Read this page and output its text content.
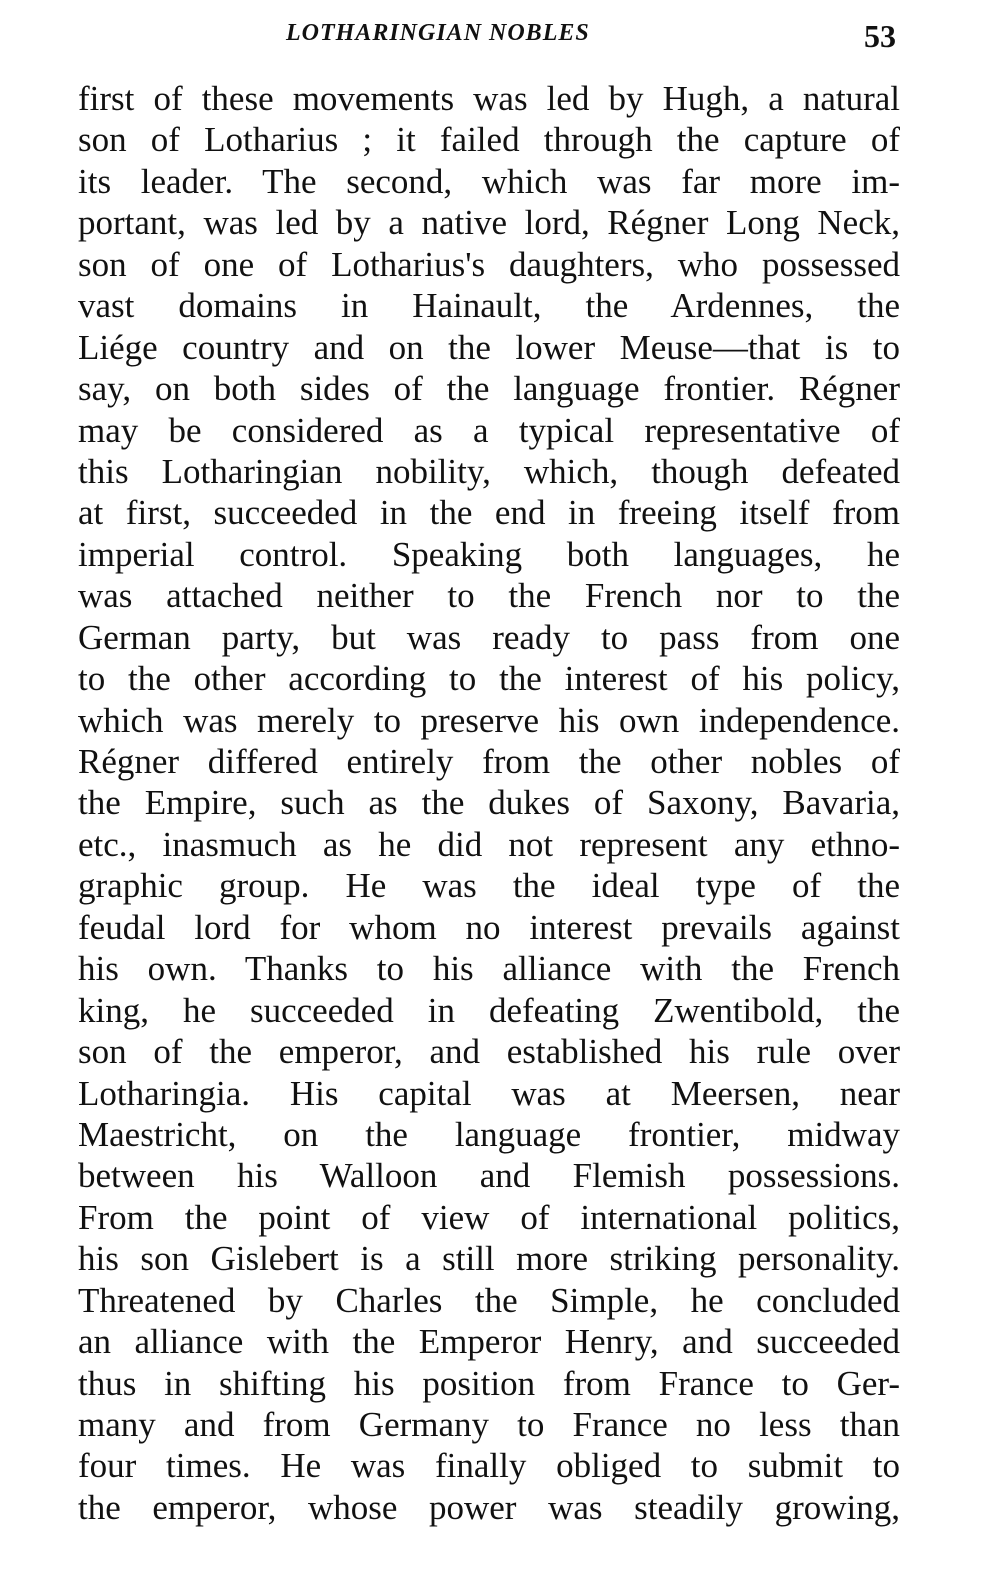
LOTHARINGIAN NOBLES	53
first of these movements was led by Hugh, a natural
son of Lotharius ; it failed through the capture of
its leader. The second, which was far more im-
portant, was led by a native lord, Régner Long Neck,
son of one of Lotharius's daughters, who possessed
vast domains in Hainault, the Ardennes, the
Liége country and on the lower Meuse—that is to
say, on both sides of the language frontier. Régner
may be considered as a typical representative of
this Lotharingian nobility, which, though defeated
at first, succeeded in the end in freeing itself from
imperial control. Speaking both languages, he
was attached neither to the French nor to the
German party, but was ready to pass from one
to the other according to the interest of his policy,
which was merely to preserve his own independence.
Régner differed entirely from the other nobles of
the Empire, such as the dukes of Saxony, Bavaria,
etc., inasmuch as he did not represent any ethno-
graphic group. He was the ideal type of the
feudal lord for whom no interest prevails against
his own. Thanks to his alliance with the French
king, he succeeded in defeating Zwentibold, the
son of the emperor, and established his rule over
Lotharingia. His capital was at Meersen, near
Maestricht, on the language frontier, midway
between his Walloon and Flemish possessions.
From the point of view of international politics,
his son Gislebert is a still more striking personality.
Threatened by Charles the Simple, he concluded
an alliance with the Emperor Henry, and succeeded
thus in shifting his position from France to Ger-
many and from Germany to France no less than
four times. He was finally obliged to submit to
the emperor, whose power was steadily growing,
